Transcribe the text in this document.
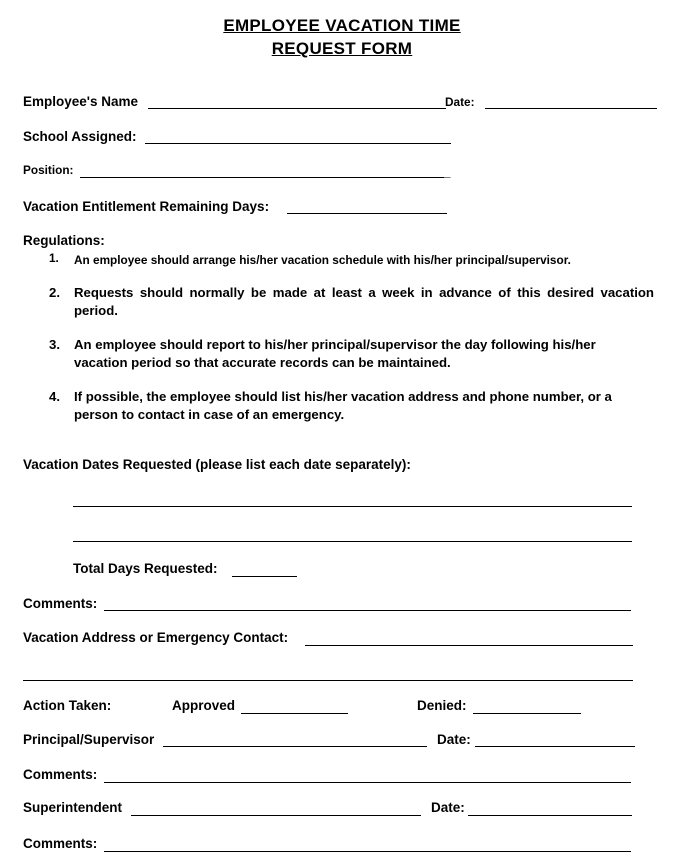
EMPLOYEE VACATION TIME
REQUEST FORM
Employee's Name	Date:
School Assigned:
Position:	_
Vacation Entitlement Remaining Days:
Regulations:
1. An employee should arrange his/her vacation schedule with his/her principal/supervisor.
2. Requests should normally be made at least a week in advance of this desired vacation period.
3. An employee should report to his/her principal/supervisor the day following his/her vacation period so that accurate records can be maintained.
4. If possible, the employee should list his/her vacation address and phone number, or a person to contact in case of an emergency.
Vacation Dates Requested (please list each date separately):
Total Days Requested:
Comments:
Vacation Address or Emergency Contact:
Action Taken:	Approved	Denied:
Principal/Supervisor	Date:
Comments:
Superintendent	Date:
Comments:
